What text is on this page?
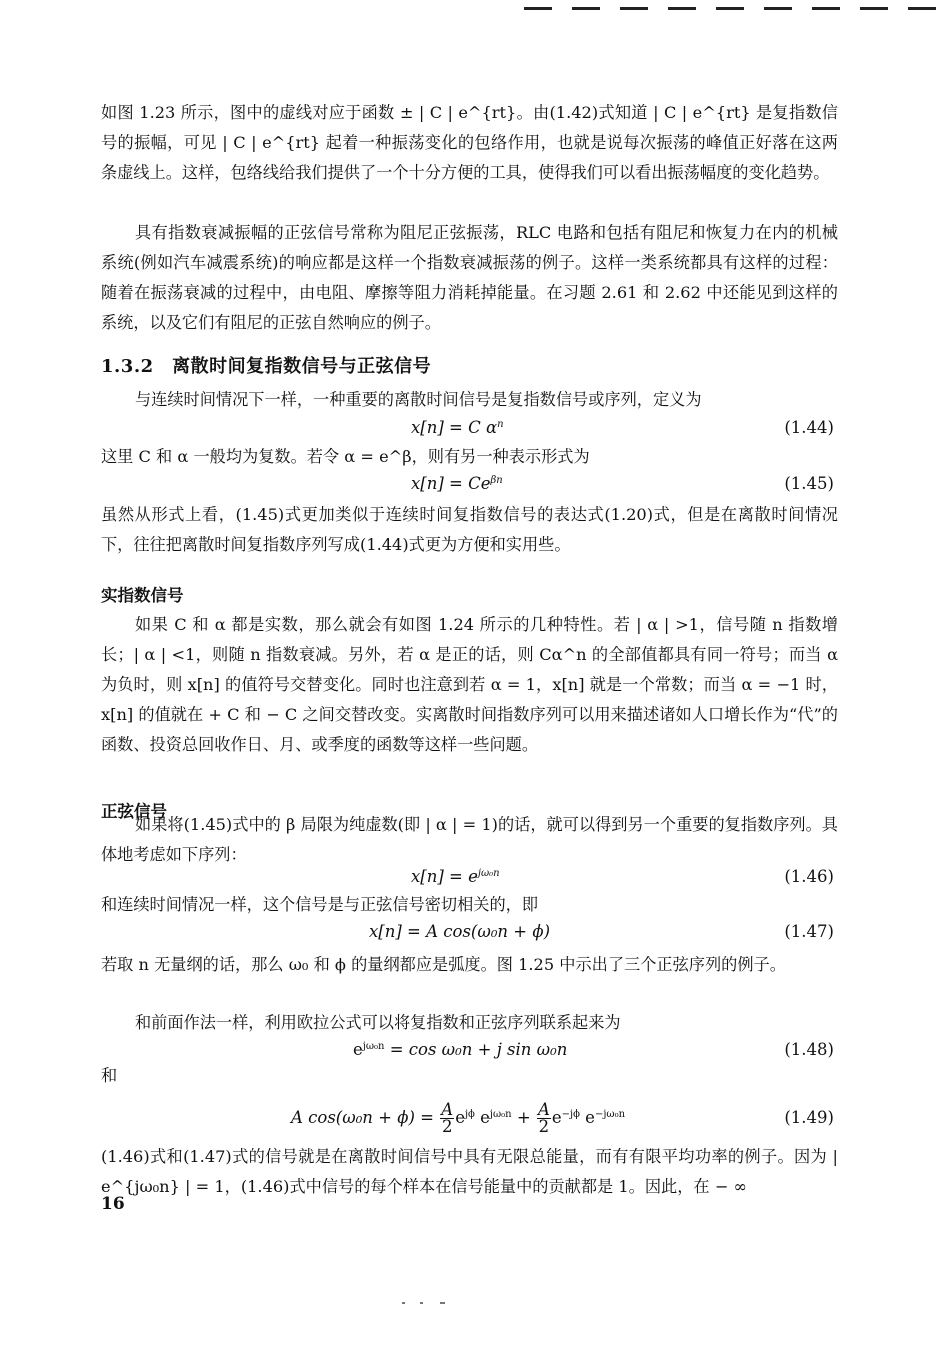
如图 1.23 所示，图中的虚线对应于函数 ± | C | e^{rt}。由(1.42)式知道 | C | e^{rt} 是复指数信号的振幅，可见 | C | e^{rt} 起着一种振荡变化的包络作用，也就是说每次振荡的峰值正好落在这两条虚线上。这样，包络线给我们提供了一个十分方便的工具，使得我们可以看出振荡幅度的变化趋势。

具有指数衰减振幅的正弦信号常称为阻尼正弦振荡，RLC 电路和包括有阻尼和恢复力在内的机械系统(例如汽车减震系统)的响应都是这样一个指数衰减振荡的例子。这样一类系统都具有这样的过程：随着在振荡衰减的过程中，由电阻、摩擦等阻力消耗掉能量。在习题 2.61 和 2.62 中还能见到这样的系统，以及它们有阻尼的正弦自然响应的例子。

1.3.2　离散时间复指数信号与正弦信号

与连续时间情况下一样，一种重要的离散时间信号是复指数信号或序列，定义为

x[n] = C $\alpha^n$	(1.44)

这里 C 和 α 一般均为复数。若令 α = e^β，则有另一种表示形式为

$x[n] = Ce^{\beta n}$	(1.45)

虽然从形式上看，(1.45)式更加类似于连续时间复指数信号的表达式(1.20)式，但是在离散时间情况下，往往把离散时间复指数序列写成(1.44)式更为方便和实用些。

实指数信号

如果 C 和 α 都是实数，那么就会有如图 1.24 所示的几种特性。若 | α | >1，信号随 n 指数增长；| α | <1，则随 n 指数衰减。另外，若 α 是正的话，则 Cα^n 的全部值都具有同一符号；而当 α 为负时，则 x[n] 的值符号交替变化。同时也注意到若 α = 1，x[n] 就是一个常数；而当 α = −1 时，x[n] 的值就在 + C 和 − C 之间交替改变。实离散时间指数序列可以用来描述诸如人口增长作为“代”的函数、投资总回收作日、月、或季度的函数等这样一些问题。

正弦信号

如果将(1.45)式中的 β 局限为纯虚数(即 | α | = 1)的话，就可以得到另一个重要的复指数序列。具体地考虑如下序列：

$x[n] = e^{j\omega_0n}$	(1.46)

和连续时间情况一样，这个信号是与正弦信号密切相关的，即

x[n] = A cos(ω₀n + ϕ)	(1.47)

若取 n 无量纲的话，那么 ω₀ 和 ϕ 的量纲都应是弧度。图 1.25 中示出了三个正弦序列的例子。

和前面作法一样，利用欧拉公式可以将复指数和正弦序列联系起来为

$e^{j\omega_0n} = \cos \omega_0n + j$ sin ω₀n	(1.48)
和
A $\cos(\omega_0n + \phi) = \frac{A}{2} e^{j\phi}$ $e^{j\omega_0n} + \frac{A}{2} e^{-j\phi}$ $e^{-j\omega_0n}$	(1.49)

(1.46)式和(1.47)式的信号就是在离散时间信号中具有无限总能量，而有有限平均功率的例子。因为 | e^{jω₀n} | = 1，(1.46)式中信号的每个样本在信号能量中的贡献都是 1。因此，在 − ∞

16
